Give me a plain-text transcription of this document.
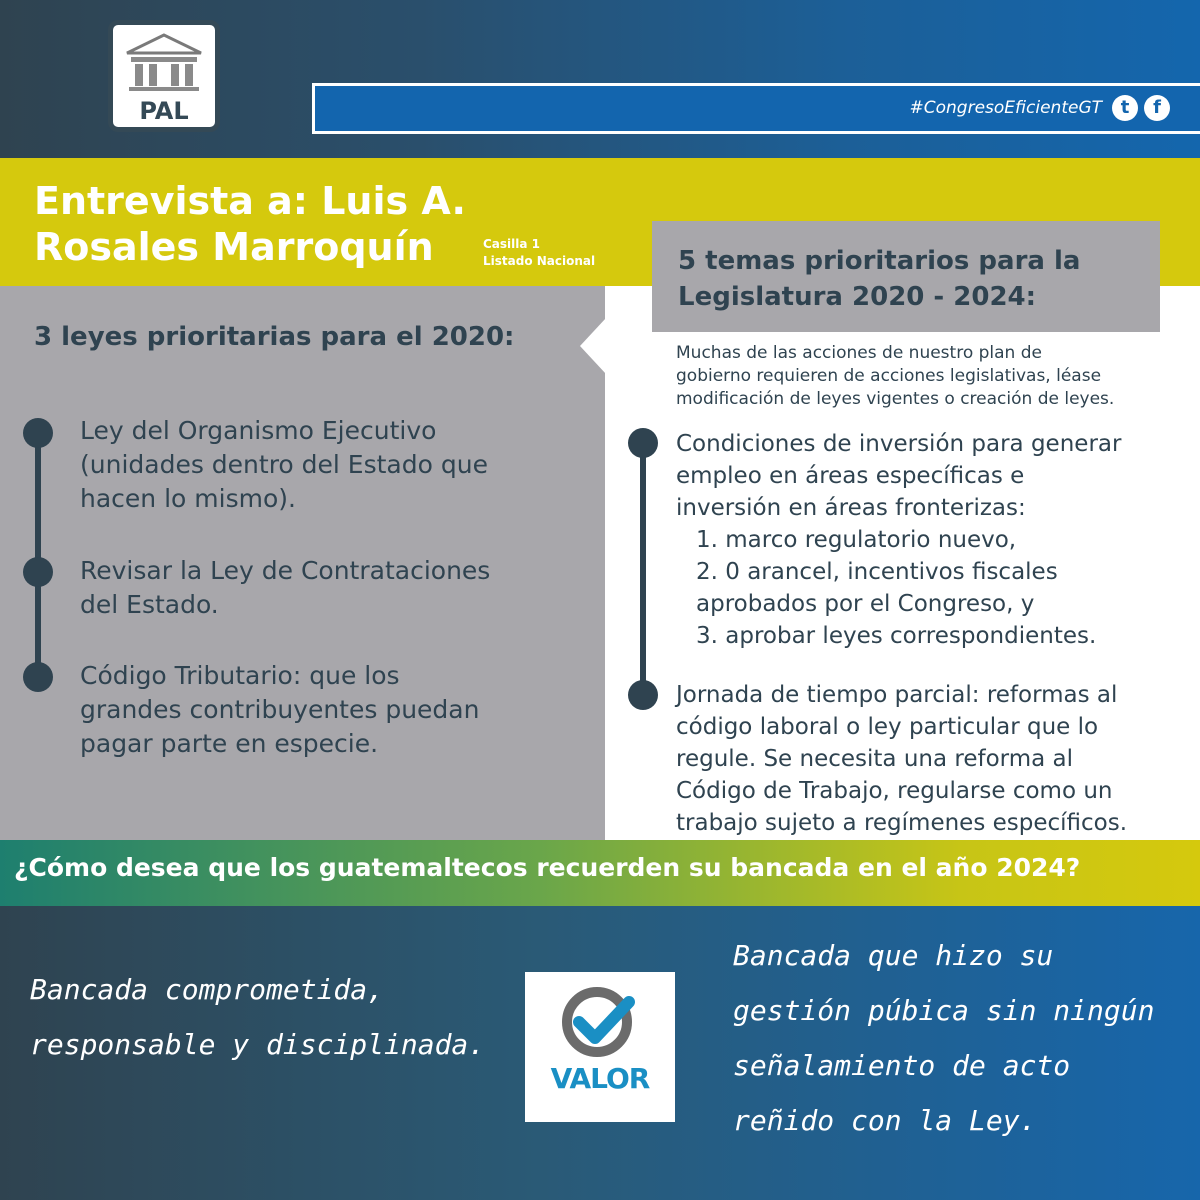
PAL	#CongresoEficienteGT	t	f
Entrevista a: Luis A.
Rosales Marroquín	Casilla 1
Listado Nacional
3 leyes prioritarias para el 2020:
Ley del Organismo Ejecutivo
(unidades dentro del Estado que
hacen lo mismo).
Revisar la Ley de Contrataciones
del Estado.
Código Tributario: que los
grandes contribuyentes puedan
pagar parte en especie.
5 temas prioritarios para la
Legislatura 2020 - 2024:
Muchas de las acciones de nuestro plan de
gobierno requieren de acciones legislativas, léase
modificación de leyes vigentes o creación de leyes.
Condiciones de inversión para generar
empleo en áreas específicas e
inversión en áreas fronterizas:
1. marco regulatorio nuevo,
2. 0 arancel, incentivos fiscales
aprobados por el Congreso, y
3. aprobar leyes correspondientes.
Jornada de tiempo parcial: reformas al
código laboral o ley particular que lo
regule. Se necesita una reforma al
Código de Trabajo, regularse como un
trabajo sujeto a regímenes específicos.
¿Cómo desea que los guatemaltecos recuerden su bancada en el año 2024?
Bancada comprometida,
responsable y disciplinada.
VALOR
Bancada que hizo su
gestión púbica sin ningún
señalamiento de acto
reñido con la Ley.
